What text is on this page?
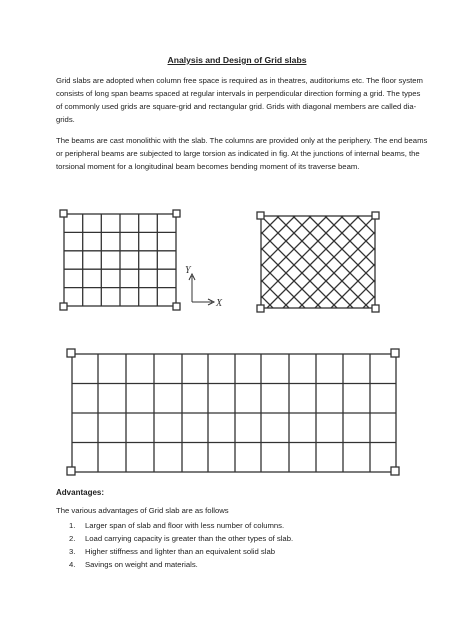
Analysis and Design of Grid slabs

Grid slabs are adopted when column free space is required as in theatres, auditoriums etc. The floor system consists of long span beams spaced at regular intervals in perpendicular direction forming a grid. The types of commonly used grids are square-grid and rectangular grid. Grids with diagonal members are called dia-grids.

The beams are cast monolithic with the slab. The columns are provided only at the periphery. The end beams or peripheral beams are subjected to large torsion as indicated in fig. At the junctions of internal beams, the torsional moment for a longitudinal beam becomes bending moment of its traverse beam.

Y
X
Advantages:
The various advantages of Grid slab are as follows
1.	Larger span of slab and floor with less number of columns.
2.	Load carrying capacity is greater than the other types of slab.
3.	Higher stiffness and lighter than an equivalent solid slab
4.	Savings on weight and materials.
